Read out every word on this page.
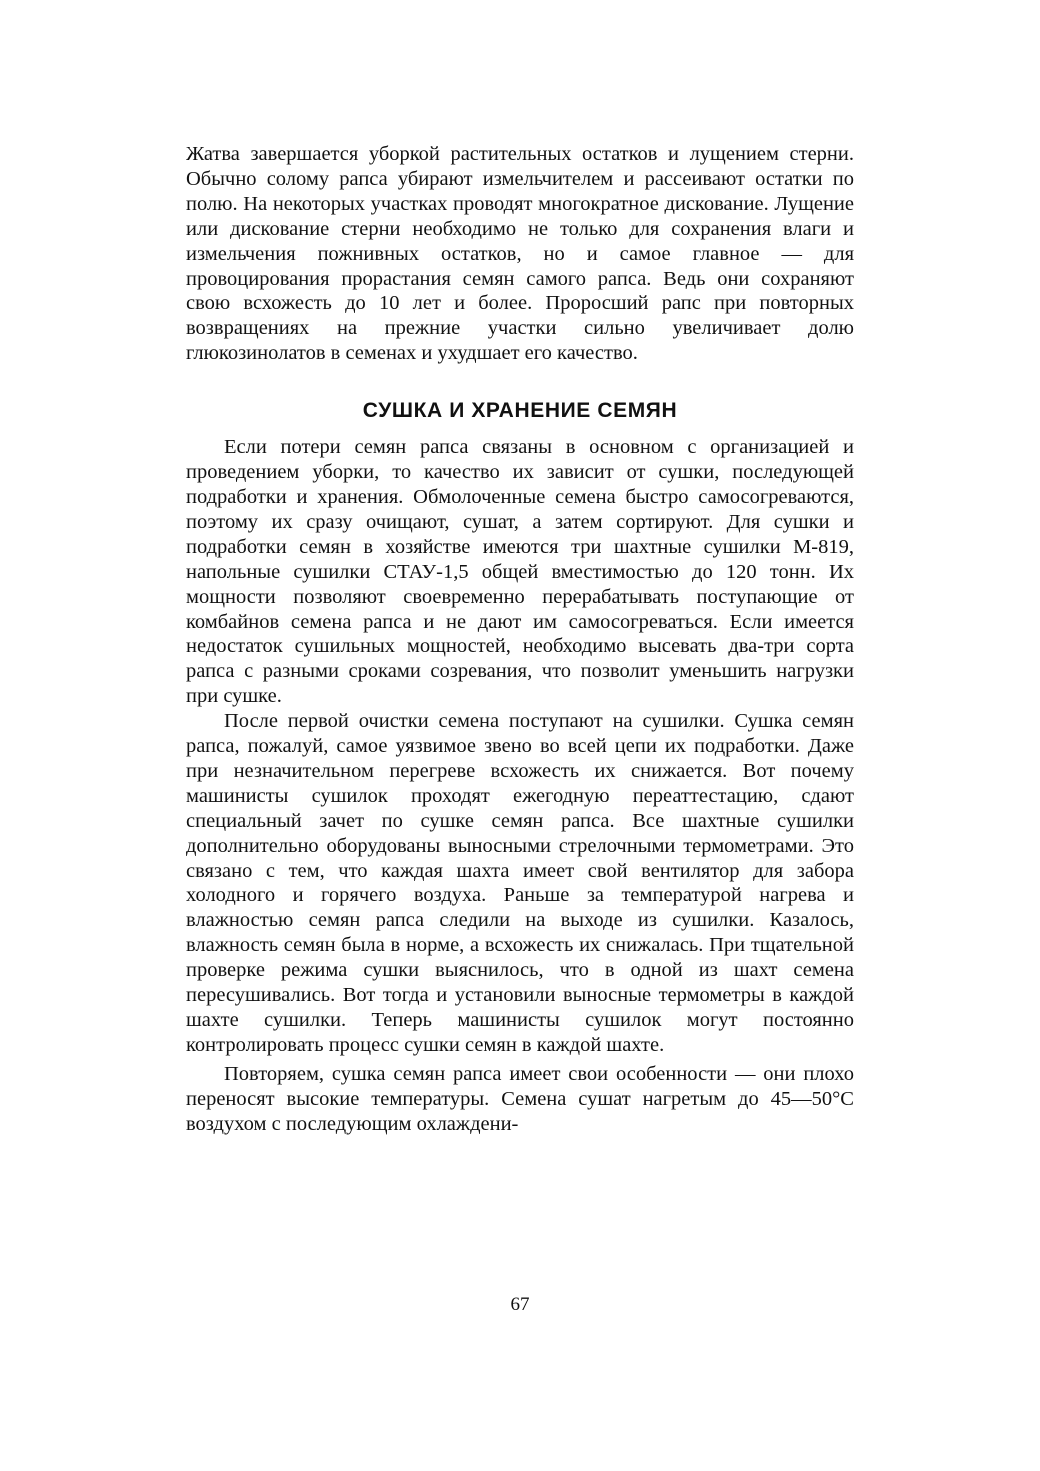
Жатва завершается уборкой растительных остатков и лущением стерни. Обычно солому рапса убирают измельчителем и рассеивают остатки по полю. На некоторых участках проводят многократное дискование. Лущение или дискование стерни необходимо не только для сохранения влаги и измельчения пожнивных остатков, но и самое главное — для провоцирования прорастания семян самого рапса. Ведь они сохраняют свою всхожесть до 10 лет и более. Проросший рапс при повторных возвращениях на прежние участки сильно увеличивает долю глюкозинолатов в семенах и ухудшает его качество.

СУШКА И ХРАНЕНИЕ СЕМЯН

Если потери семян рапса связаны в основном с организацией и проведением уборки, то качество их зависит от сушки, последующей подработки и хранения. Обмолоченные семена быстро самосогреваются, поэтому их сразу очищают, сушат, а затем сортируют. Для сушки и подработки семян в хозяйстве имеются три шахтные сушилки М-819, напольные сушилки СТАУ-1,5 общей вместимостью до 120 тонн. Их мощности позволяют своевременно перерабатывать поступающие от комбайнов семена рапса и не дают им самосогреваться. Если имеется недостаток сушильных мощностей, необходимо высевать два-три сорта рапса с разными сроками созревания, что позволит уменьшить нагрузки при сушке.

После первой очистки семена поступают на сушилки. Сушка семян рапса, пожалуй, самое уязвимое звено во всей цепи их подработки. Даже при незначительном перегреве всхожесть их снижается. Вот почему машинисты сушилок проходят ежегодную переаттестацию, сдают специальный зачет по сушке семян рапса. Все шахтные сушилки дополнительно оборудованы выносными стрелочными термометрами. Это связано с тем, что каждая шахта имеет свой вентилятор для забора холодного и горячего воздуха. Раньше за температурой нагрева и влажностью семян рапса следили на выходе из сушилки. Казалось, влажность семян была в норме, а всхожесть их снижалась. При тщательной проверке режима сушки выяснилось, что в одной из шахт семена пересушивались. Вот тогда и установили выносные термометры в каждой шахте сушилки. Теперь машинисты сушилок могут постоянно контролировать процесс сушки семян в каждой шахте.

Повторяем, сушка семян рапса имеет свои особенности — они плохо переносят высокие температуры. Семена сушат нагретым до 45—50°С воздухом с последующим охлаждени-

67
